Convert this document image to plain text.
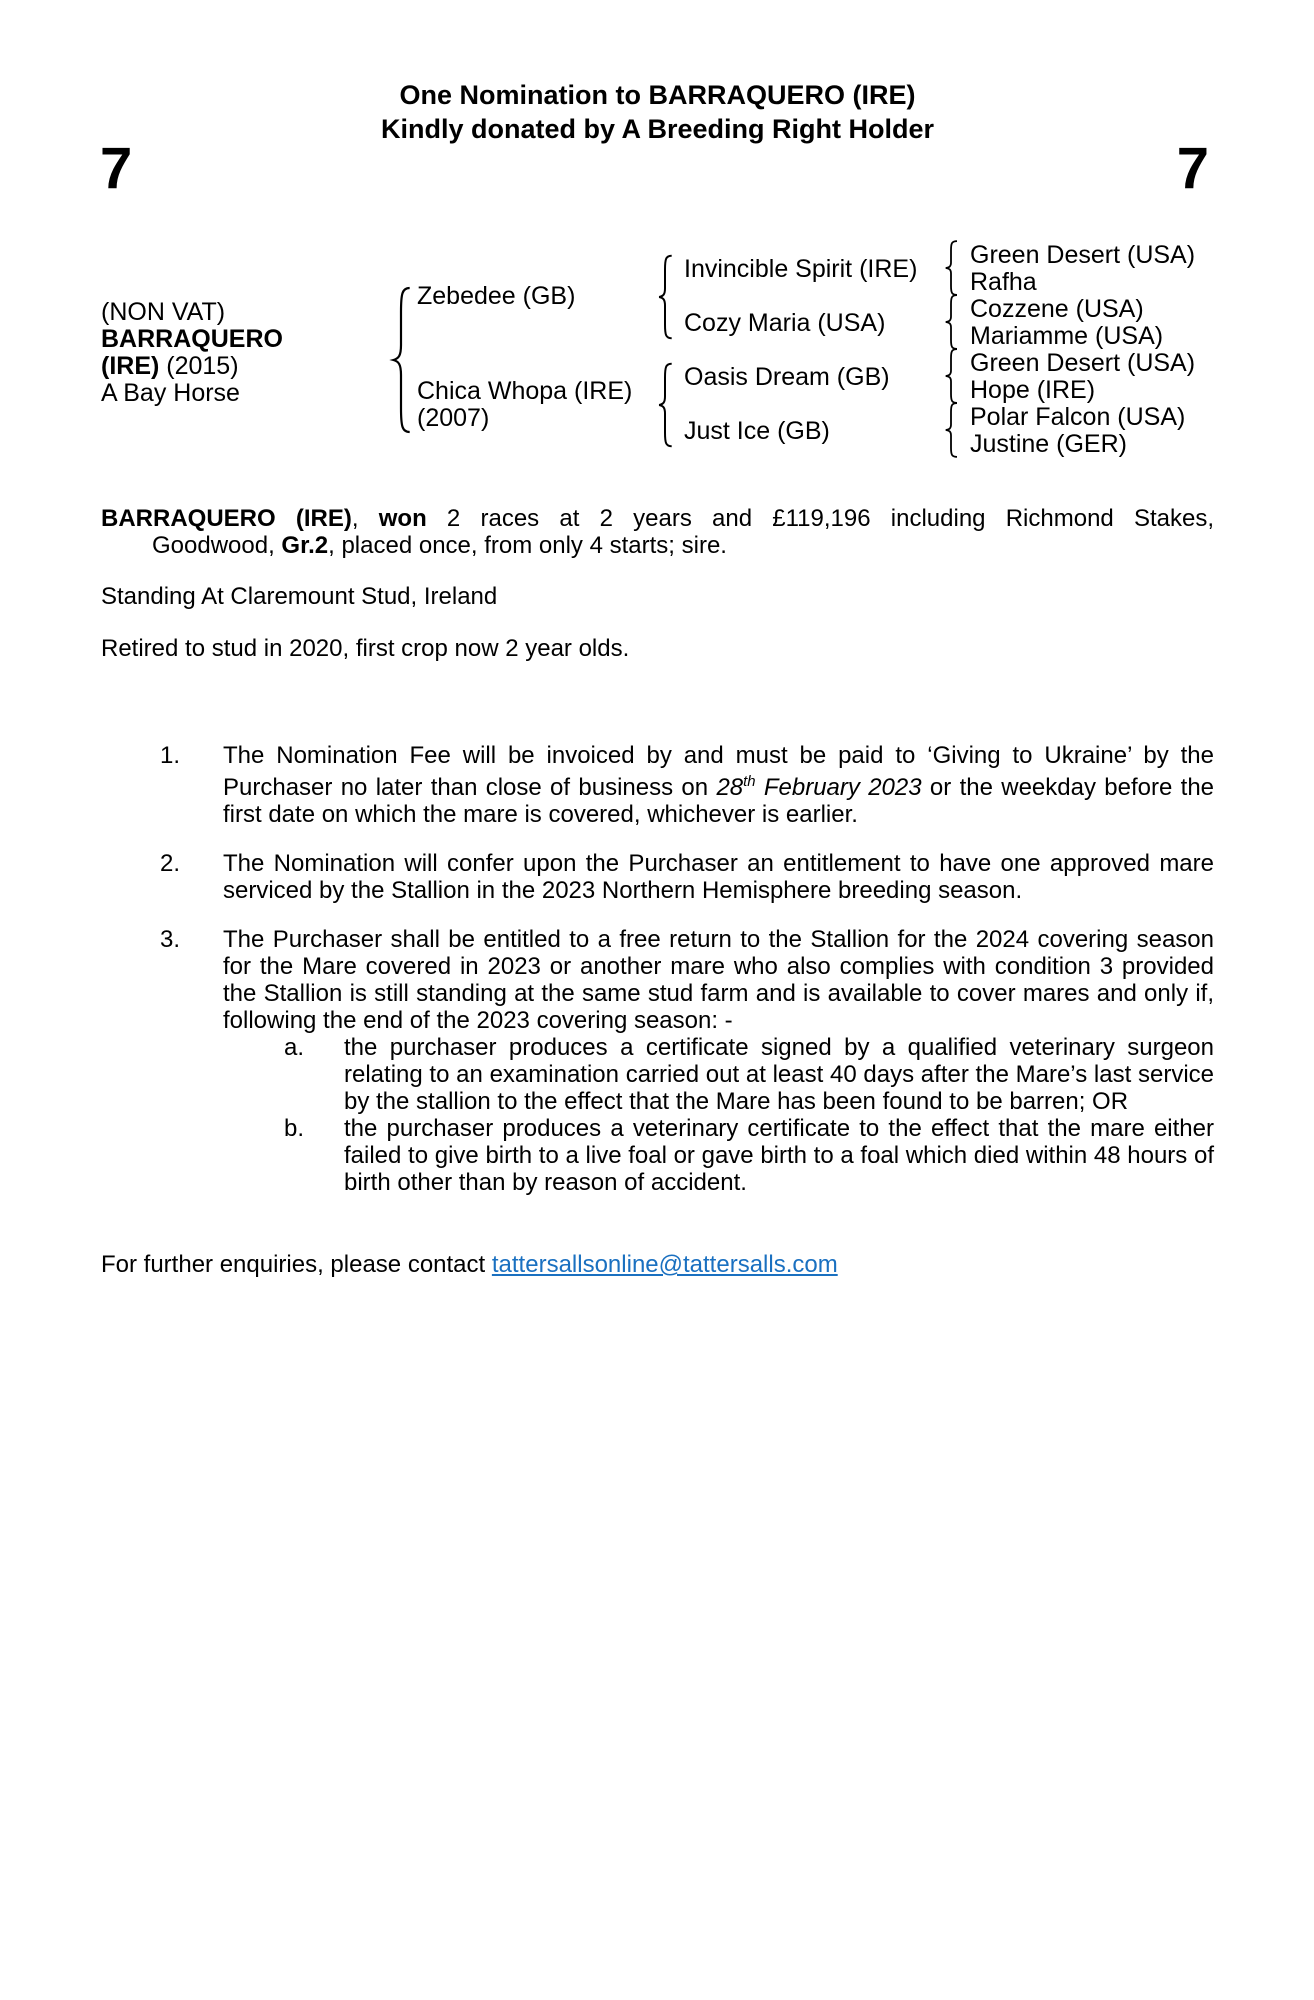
One Nomination to BARRAQUERO (IRE)
Kindly donated by A Breeding Right Holder
7	7
(NON VAT)
BARRAQUERO
(IRE) (2015)
A Bay Horse
Zebedee (GB)
Chica Whopa (IRE)
(2007)
Invincible Spirit (IRE)
Cozy Maria (USA)
Oasis Dream (GB)
Just Ice (GB)
Green Desert (USA)
Rafha
Cozzene (USA)
Mariamme (USA)
Green Desert (USA)
Hope (IRE)
Polar Falcon (USA)
Justine (GER)
BARRAQUERO (IRE), won 2 races at 2 years and £119,196 including Richmond Stakes,
Goodwood, Gr.2, placed once, from only 4 starts; sire.
Standing At Claremount Stud, Ireland
Retired to stud in 2020, first crop now 2 year olds.
1. The Nomination Fee will be invoiced by and must be paid to ‘Giving to Ukraine’ by the Purchaser no later than close of business on 28th February 2023 or the weekday before the first date on which the mare is covered, whichever is earlier.
2. The Nomination will confer upon the Purchaser an entitlement to have one approved mare serviced by the Stallion in the 2023 Northern Hemisphere breeding season.
3. The Purchaser shall be entitled to a free return to the Stallion for the 2024 covering season for the Mare covered in 2023 or another mare who also complies with condition 3 provided the Stallion is still standing at the same stud farm and is available to cover mares and only if, following the end of the 2023 covering season: -
a. the purchaser produces a certificate signed by a qualified veterinary surgeon relating to an examination carried out at least 40 days after the Mare’s last service by the stallion to the effect that the Mare has been found to be barren; OR
b. the purchaser produces a veterinary certificate to the effect that the mare either failed to give birth to a live foal or gave birth to a foal which died within 48 hours of birth other than by reason of accident.
For further enquiries, please contact tattersallsonline@tattersalls.com
